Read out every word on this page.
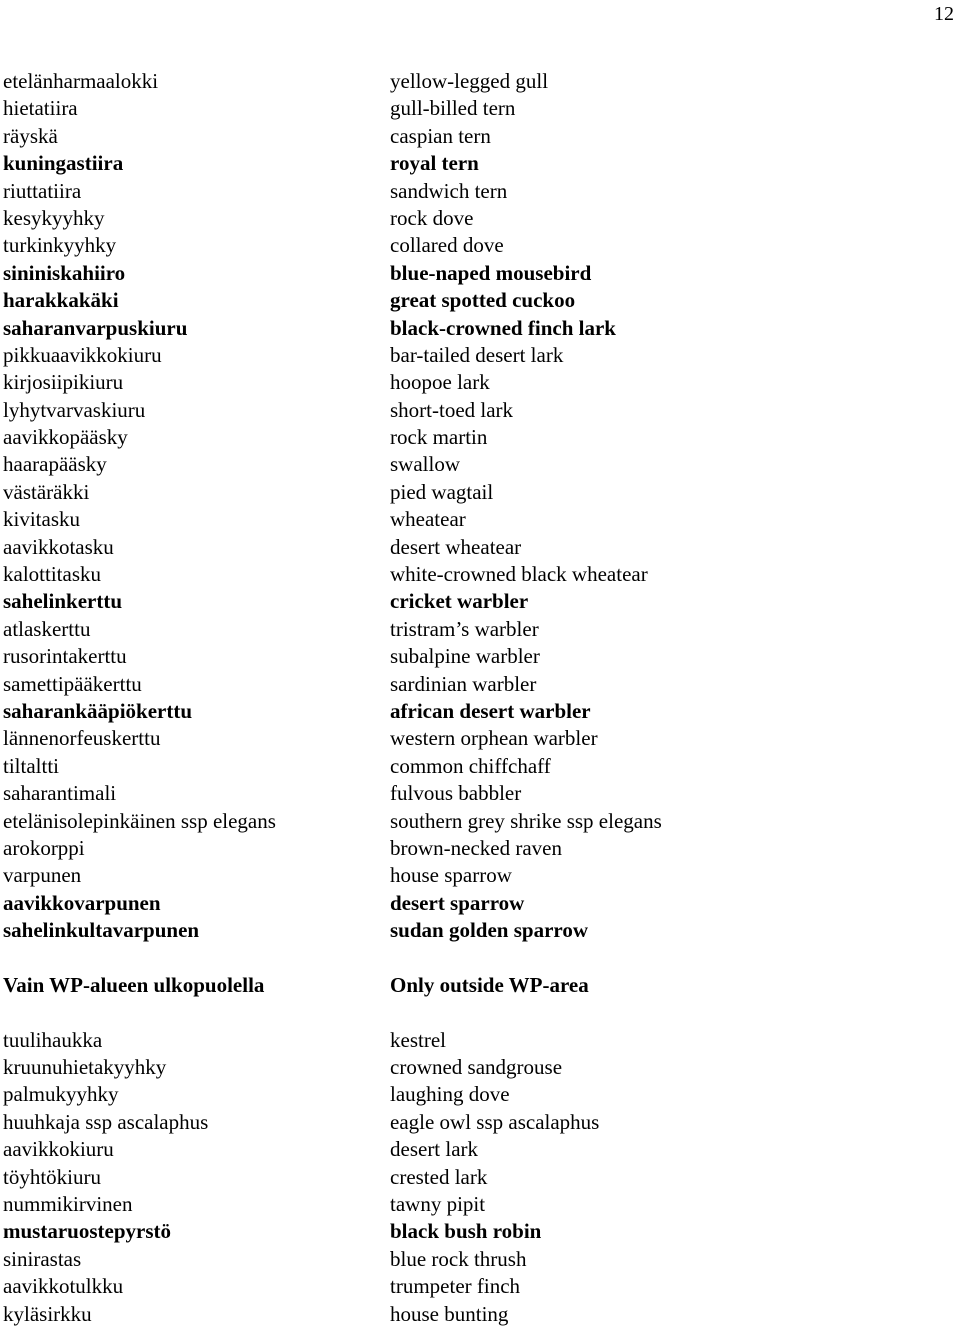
12
etelänharmaalokki
hietatiira
räyskä
kuningastiira
riuttatiira
kesykyyhky
turkinkyyhky
sininiskahiiro
harakkakäki
saharanvarpuskiuru
pikkuaavikkokiuru
kirjosiipikiuru
lyhytvarvaskiuru
aavikkopääsky
haarapääsky
västäräkki
kivitasku
aavikkotasku
kalottitasku
sahelinkerttu
atlaskerttu
rusorintakerttu
samettipääkerttu
saharankääpiökerttu
lännenorfeuskerttu
tiltaltti
saharantimali
etelänisolepinkäinen ssp elegans
arokorppi
varpunen
aavikkovarpunen
sahelinkultavarpunen
Vain WP-alueen ulkopuolella
tuulihaukka
kruunuhietakyyhky
palmukyyhky
huuhkaja ssp ascalaphus
aavikkokiuru
töyhtökiuru
nummikirvinen
mustaruostepyrstö
sinirastas
aavikkotulkku
kyläsirkku
yellow-legged gull
gull-billed tern
caspian tern
royal tern
sandwich tern
rock dove
collared dove
blue-naped mousebird
great spotted cuckoo
black-crowned finch lark
bar-tailed desert lark
hoopoe lark
short-toed lark
rock martin
swallow
pied wagtail
wheatear
desert wheatear
white-crowned black wheatear
cricket warbler
tristram’s warbler
subalpine warbler
sardinian warbler
african desert warbler
western orphean warbler
common chiffchaff
fulvous babbler
southern grey shrike ssp elegans
brown-necked raven
house sparrow
desert sparrow
sudan golden sparrow
Only outside WP-area
kestrel
crowned sandgrouse
laughing dove
eagle owl ssp ascalaphus
desert lark
crested lark
tawny pipit
black bush robin
blue rock thrush
trumpeter finch
house bunting
